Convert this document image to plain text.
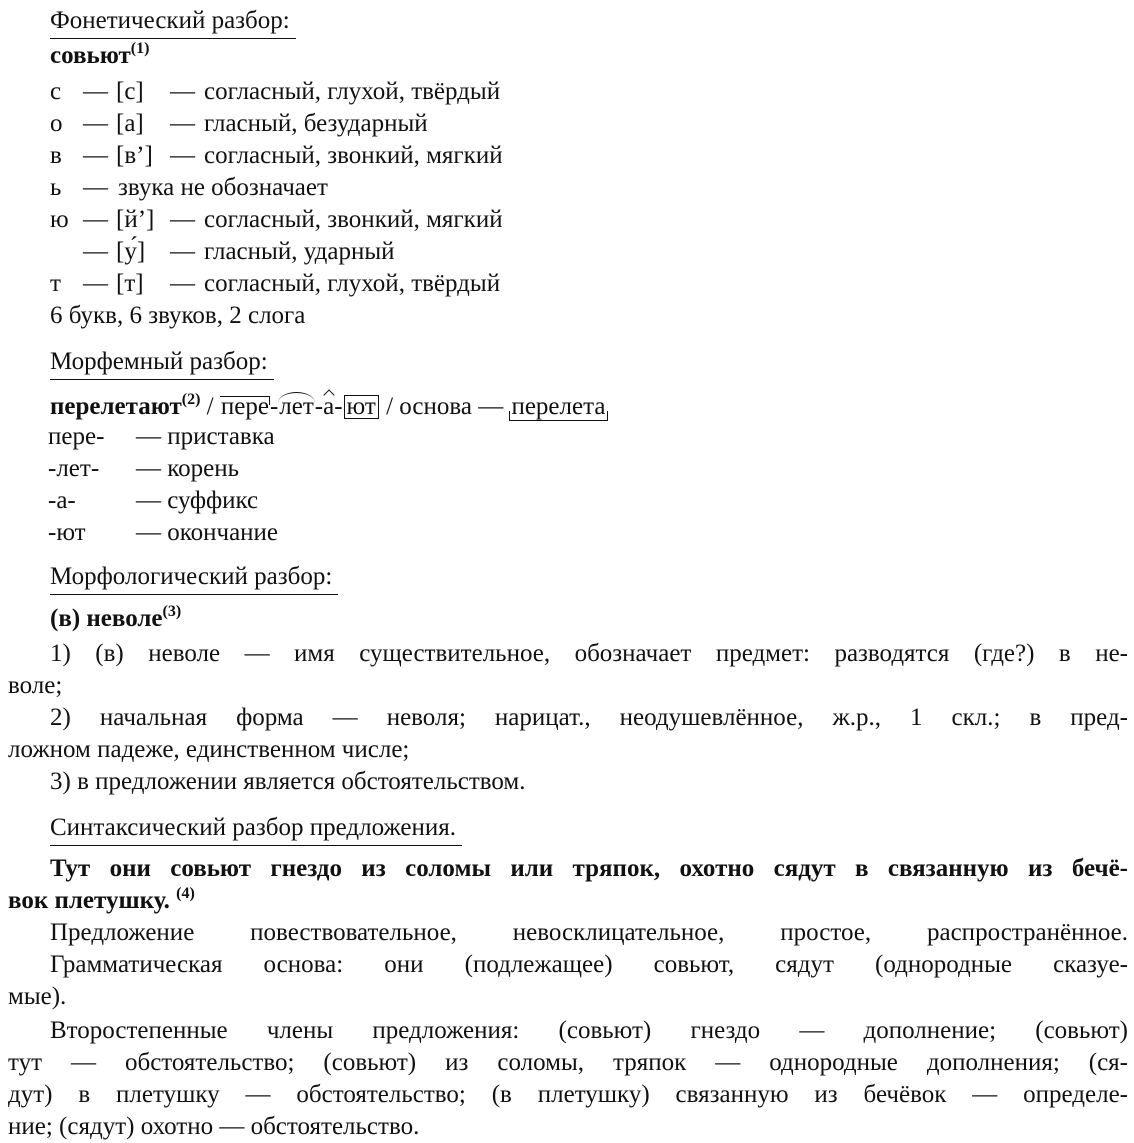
Фонетический разбор:
совьют$^{(1)}$
с — [с] — согласный, глухой, твёрдый
о — [а] — гласный, безударный
в — [в’] — согласный, звонкий, мягкий
ь — звука не обозначает
ю — [й’] — согласный, звонкий, мягкий
— [у́] — гласный, ударный
т — [т] — согласный, глухой, твёрдый
6 букв, 6 звуков, 2 слога
Морфемный разбор:
перелетают$^{(2)}$ / пере-лет-а- ют / основа — перелета
пере- — приставка
-лет- — корень
-а- — суффикс
-ют — окончание
Морфологический разбор:
(в) неволе$^{(3)}$
1) (в) неволе — имя существительное, обозначает предмет: разводятся (где?) в не-
воле;
2) начальная форма — неволя; нарицат., неодушевлённое, ж.р., 1 скл.; в пред-
ложном падеже, единственном числе;
3) в предложении является обстоятельством.
Синтаксический разбор предложения.
Тут они совьют гнездо из соломы или тряпок, охотно сядут в связанную из бечё-
вок плетушку. $^{(4)}$
Предложение повествовательное, невосклицательное, простое, распространённое.
Грамматическая основа: они (подлежащее) совьют, сядут (однородные сказуе-
мые).
Второстепенные члены предложения: (совьют) гнездо — дополнение; (совьют)
тут — обстоятельство; (совьют) из соломы, тряпок — однородные дополнения; (ся-
дут) в плетушку — обстоятельство; (в плетушку) связанную из бечёвок — определе-
ние; (сядут) охотно — обстоятельство.
